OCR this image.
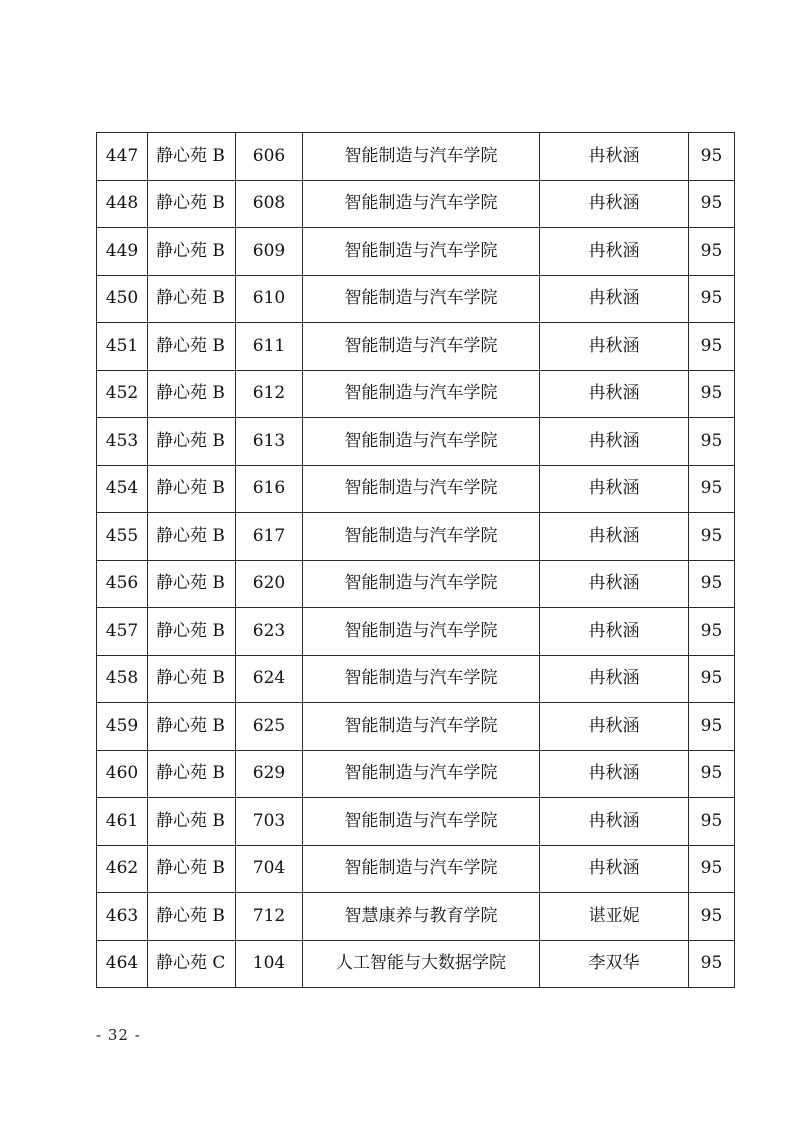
447	静心苑 B	606	智能制造与汽车学院	冉秋涵	95
448	静心苑 B	608	智能制造与汽车学院	冉秋涵	95
449	静心苑 B	609	智能制造与汽车学院	冉秋涵	95
450	静心苑 B	610	智能制造与汽车学院	冉秋涵	95
451	静心苑 B	611	智能制造与汽车学院	冉秋涵	95
452	静心苑 B	612	智能制造与汽车学院	冉秋涵	95
453	静心苑 B	613	智能制造与汽车学院	冉秋涵	95
454	静心苑 B	616	智能制造与汽车学院	冉秋涵	95
455	静心苑 B	617	智能制造与汽车学院	冉秋涵	95
456	静心苑 B	620	智能制造与汽车学院	冉秋涵	95
457	静心苑 B	623	智能制造与汽车学院	冉秋涵	95
458	静心苑 B	624	智能制造与汽车学院	冉秋涵	95
459	静心苑 B	625	智能制造与汽车学院	冉秋涵	95
460	静心苑 B	629	智能制造与汽车学院	冉秋涵	95
461	静心苑 B	703	智能制造与汽车学院	冉秋涵	95
462	静心苑 B	704	智能制造与汽车学院	冉秋涵	95
463	静心苑 B	712	智慧康养与教育学院	谌亚妮	95
464	静心苑 C	104	人工智能与大数据学院	李双华	95
- 32 -
